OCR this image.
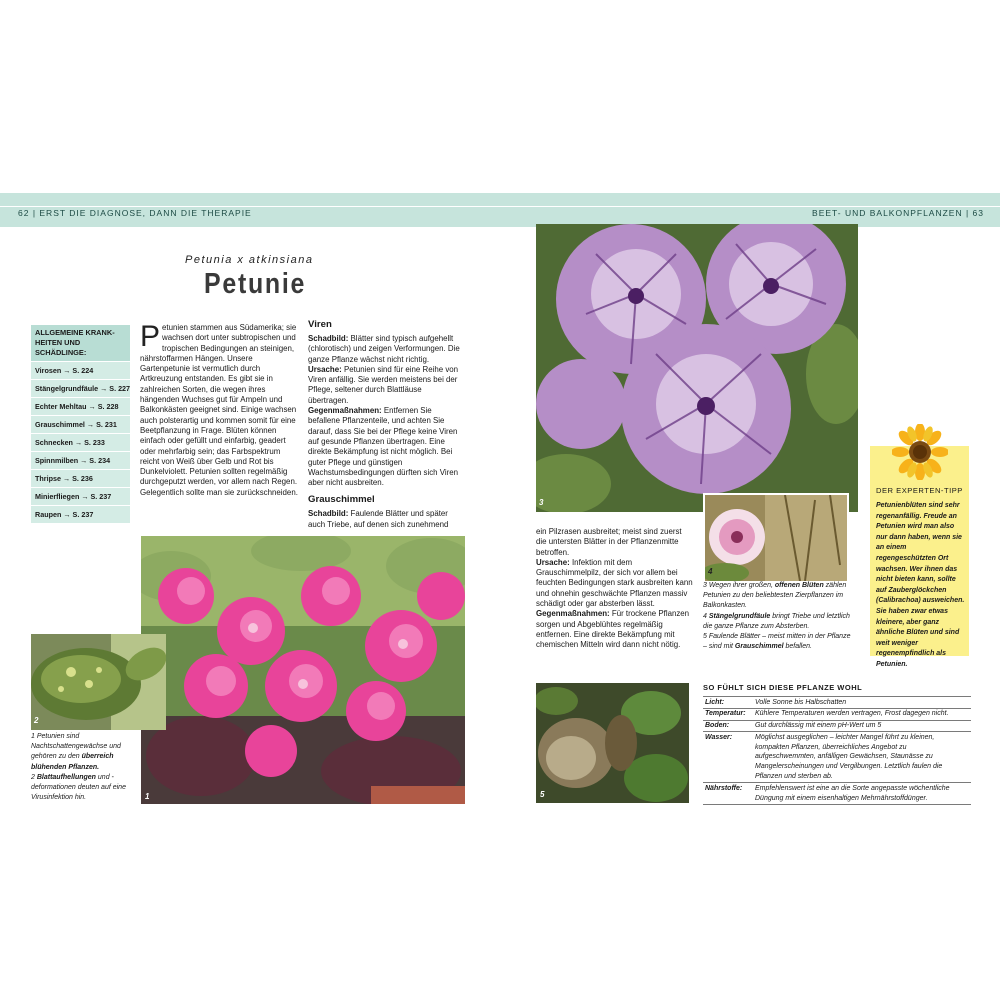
62 | ERST DIE DIAGNOSE, DANN DIE THERAPIE	BEET- UND BALKONPFLANZEN | 63
Petunia x atkinsiana
Petunie
ALLGEMEINE KRANK-HEITEN UND SCHÄDLINGE:
Virosen → S. 224
Stängelgrundfäule → S. 227
Echter Mehltau → S. 228
Grauschimmel → S. 231
Schnecken → S. 233
Spinnmilben → S. 234
Thripse → S. 236
Minierfliegen → S. 237
Raupen → S. 237
P etunien stammen aus Südamerika; sie wachsen dort unter subtropischen und tropischen Bedingungen an steinigen, nährstoffarmen Hängen. Unsere Gartenpetunie ist vermutlich durch Artkreuzung entstanden. Es gibt sie in zahlreichen Sorten, die wegen ihres hängenden Wuchses gut für Ampeln und Balkonkästen geeignet sind. Einige wachsen auch polsterartig und kommen somit für eine Beetpflanzung in Frage. Blüten können einfach oder gefüllt und einfarbig, geadert oder mehrfarbig sein; das Farbspektrum reicht von Weiß über Gelb und Rot bis Dunkelviolett. Petunien sollten regelmäßig durchgeputzt werden, vor allem nach Regen. Gelegentlich sollte man sie zurückschneiden.
Viren

Schadbild: Blätter sind typisch aufgehellt (chlorotisch) und zeigen Verformungen. Die ganze Pflanze wächst nicht richtig.

Ursache: Petunien sind für eine Reihe von Viren anfällig. Sie werden meistens bei der Pflege, seltener durch Blattläuse übertragen.

Gegenmaßnahmen: Entfernen Sie befallene Pflanzenteile, und achten Sie darauf, dass Sie bei der Pflege keine Viren auf gesunde Pflanzen übertragen. Eine direkte Bekämpfung ist nicht möglich. Bei guter Pflege und günstigen Wachstumsbedingungen dürften sich Viren aber nicht ausbreiten.

Grauschimmel

Schadbild: Faulende Blätter und später auch Triebe, auf denen sich zunehmend

1
2
1 Petunien sind Nachtschattengewächse und gehören zu den überreich blühenden Pflanzen.
2 Blattaufhellungen und -deformationen deuten auf eine Virusinfektion hin.
3
4

ein Pilzrasen ausbreitet; meist sind zuerst die untersten Blätter in der Pflanzenmitte betroffen.

Ursache: Infektion mit dem Grauschimmelpilz, der sich vor allem bei feuchten Bedingungen stark ausbreiten kann und ohnehin geschwächte Pflanzen massiv schädigt oder gar absterben lässt.

Gegenmaßnahmen: Für trockene Pflanzen sorgen und Abgeblühtes regelmäßig entfernen. Eine direkte Bekämpfung mit chemischen Mitteln wird dann nicht nötig.

3 Wegen ihrer großen, offenen Blüten zählen Petunien zu den beliebtesten Zierpflanzen im Balkonkasten.
4 Stängelgrundfäule bringt Triebe und letztlich die ganze Pflanze zum Absterben.
5 Faulende Blätter – meist mitten in der Pflanze – sind mit Grauschimmel befallen.
DER EXPERTEN-TIPP
Petunienblüten sind sehr regenanfällig. Freude an Petunien wird man also nur dann haben, wenn sie an einem regengeschützten Ort wachsen. Wer ihnen das nicht bieten kann, sollte auf Zauberglöckchen (Calibrachoa) ausweichen. Sie haben zwar etwas kleinere, aber ganz ähnliche Blüten und sind weit weniger regenempfindlich als Petunien.
5
SO FÜHLT SICH DIESE PFLANZE WOHL
Licht:	Volle Sonne bis Halbschatten
Temperatur:	Kühlere Temperaturen werden vertragen, Frost dagegen nicht.
Boden:	Gut durchlässig mit einem pH-Wert um 5
Wasser:	Möglichst ausgeglichen – leichter Mangel führt zu kleinen, kompakten Pflanzen, überreichliches Angebot zu aufgeschwemmten, anfälligen Gewächsen, Staunässe zu Mangelerscheinungen und Vergilbungen. Letztlich faulen die Pflanzen und sterben ab.
Nährstoffe:	Empfehlenswert ist eine an die Sorte angepasste wöchentliche Düngung mit einem eisenhaltigen Mehrnährstoffdünger.
